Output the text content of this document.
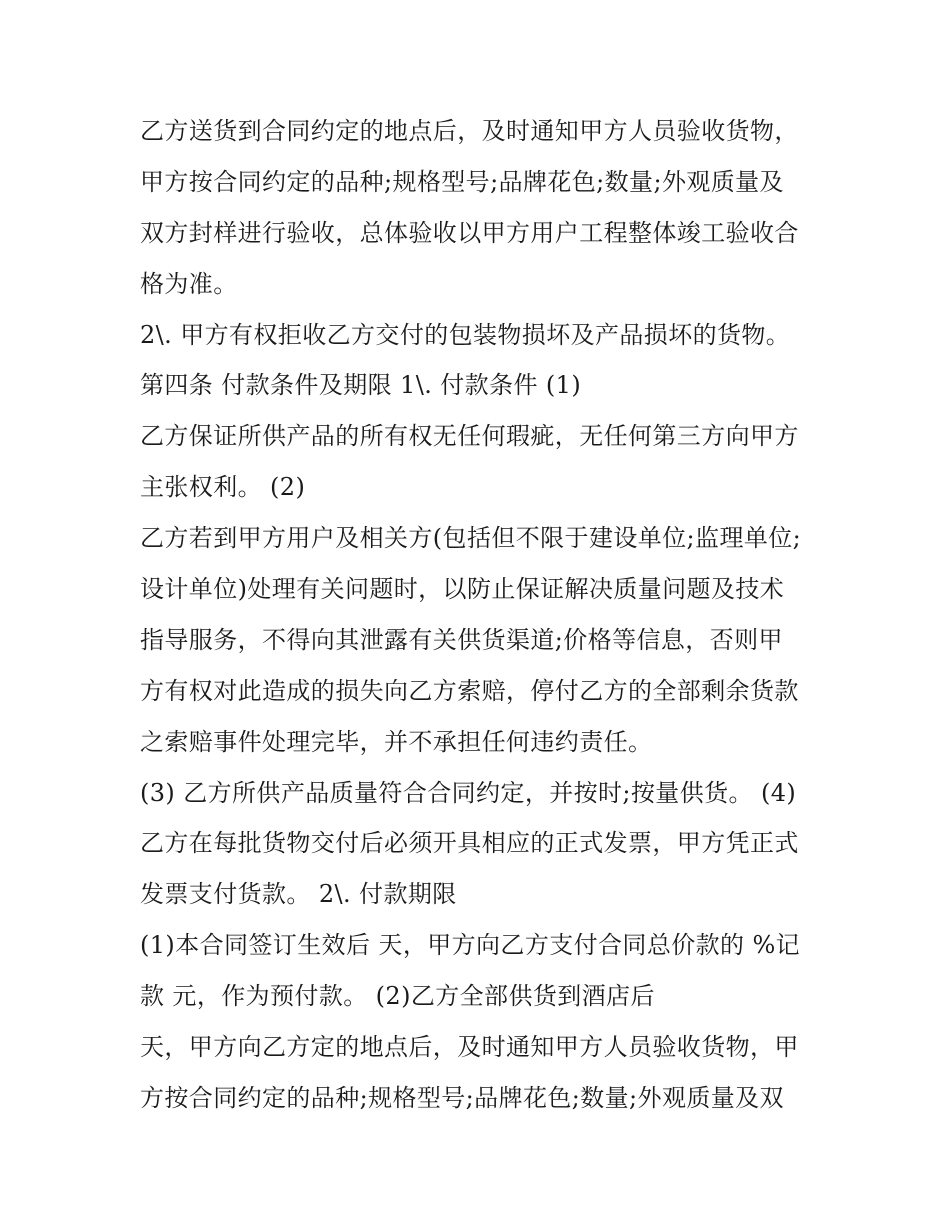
乙方送货到合同约定的地点后，及时通知甲方人员验收货物，
甲方按合同约定的品种;规格型号;品牌花色;数量;外观质量及
双方封样进行验收，总体验收以甲方用户工程整体竣工验收合
格为准。
2\. 甲方有权拒收乙方交付的包装物损坏及产品损坏的货物。
第四条 付款条件及期限 1\. 付款条件 (1)
乙方保证所供产品的所有权无任何瑕疵，无任何第三方向甲方
主张权利。 (2)
乙方若到甲方用户及相关方(包括但不限于建设单位;监理单位;
设计单位)处理有关问题时，以防止保证解决质量问题及技术
指导服务，不得向其泄露有关供货渠道;价格等信息，否则甲
方有权对此造成的损失向乙方索赔，停付乙方的全部剩余货款
之索赔事件处理完毕，并不承担任何违约责任。
(3) 乙方所供产品质量符合合同约定，并按时;按量供货。 (4)
乙方在每批货物交付后必须开具相应的正式发票，甲方凭正式
发票支付货款。 2\. 付款期限
(1)本合同签订生效后 天，甲方向乙方支付合同总价款的 %记
款 元，作为预付款。 (2)乙方全部供货到酒店后
天，甲方向乙方定的地点后，及时通知甲方人员验收货物，甲
方按合同约定的品种;规格型号;品牌花色;数量;外观质量及双
